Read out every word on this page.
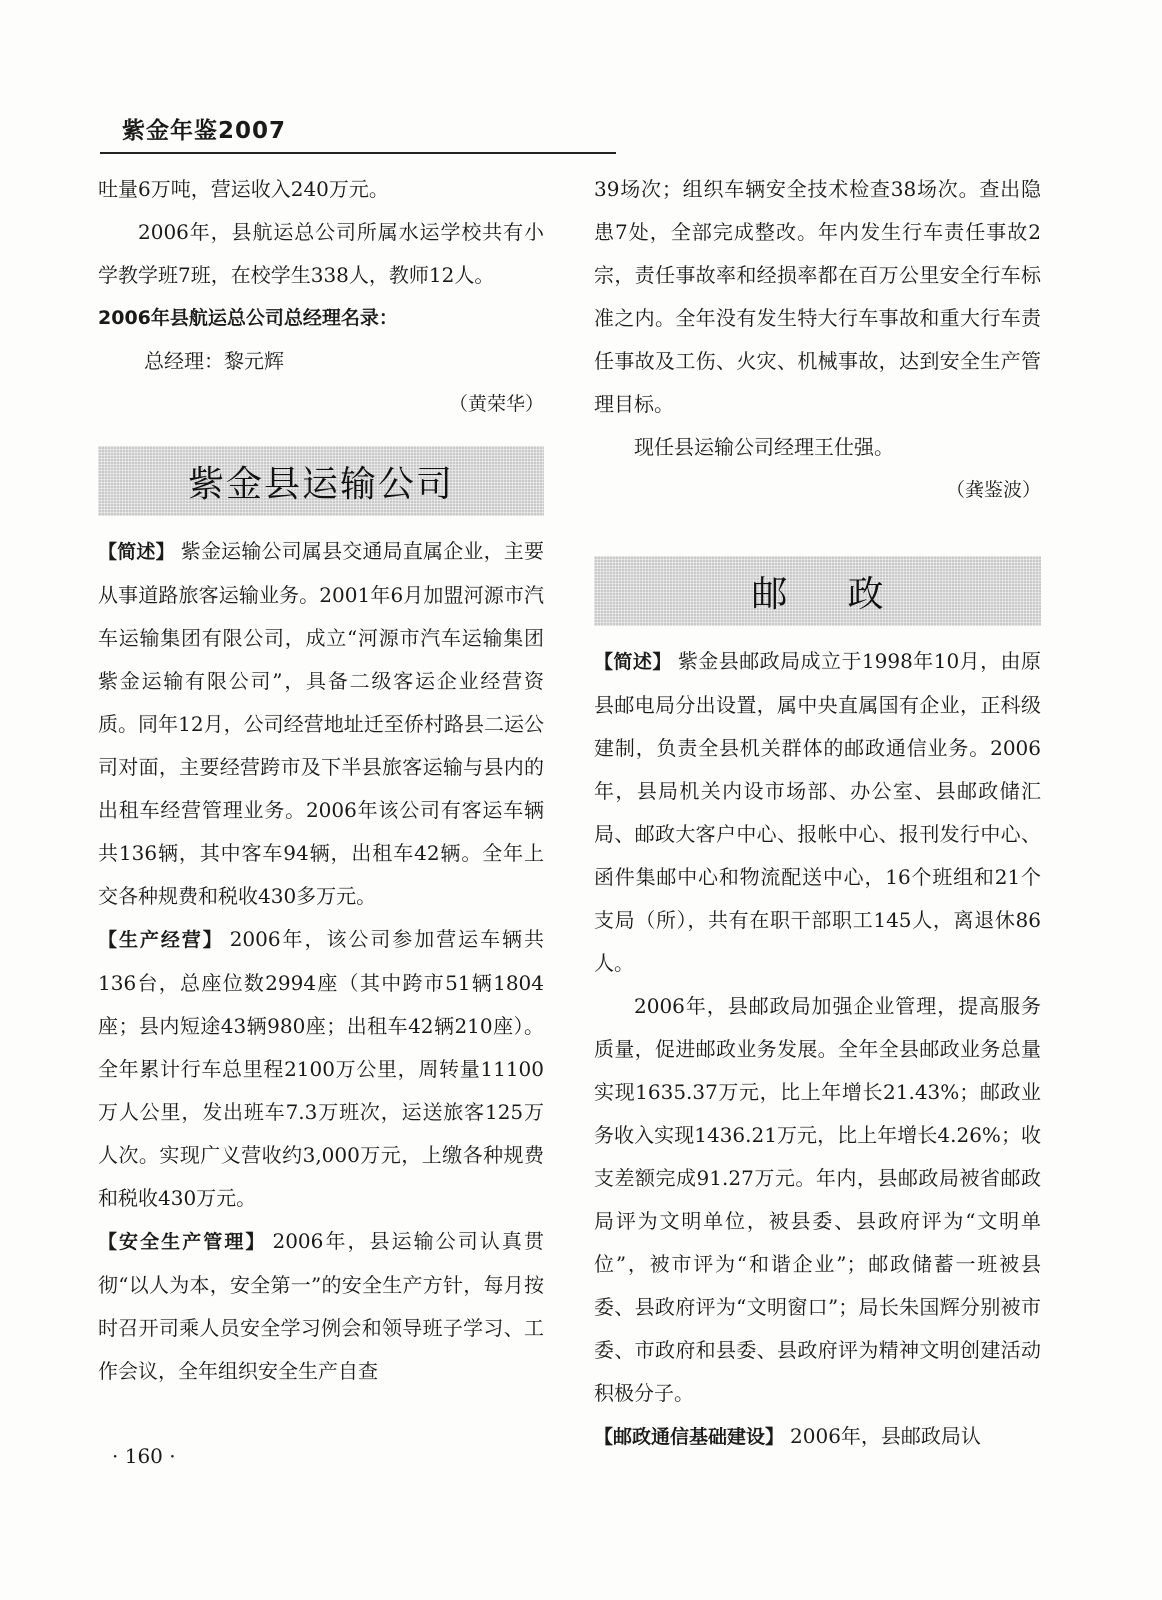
紫金年鉴2007

吐量6万吨，营运收入240万元。

2006年，县航运总公司所属水运学校共有小学教学班7班，在校学生338人，教师12人。

2006年县航运总公司总经理名录：

总经理：黎元辉

（黄荣华）

紫金县运输公司

【简述】 紫金运输公司属县交通局直属企业，主要从事道路旅客运输业务。2001年6月加盟河源市汽车运输集团有限公司，成立“河源市汽车运输集团紫金运输有限公司”，具备二级客运企业经营资质。同年12月，公司经营地址迁至侨村路县二运公司对面，主要经营跨市及下半县旅客运输与县内的出租车经营管理业务。2006年该公司有客运车辆共136辆，其中客车94辆，出租车42辆。全年上交各种规费和税收430多万元。

【生产经营】 2006年，该公司参加营运车辆共136台，总座位数2994座（其中跨市51辆1804座；县内短途43辆980座；出租车42辆210座）。全年累计行车总里程2100万公里，周转量11100万人公里，发出班车7.3万班次，运送旅客125万人次。实现广义营收约3,000万元，上缴各种规费和税收430万元。

【安全生产管理】 2006年，县运输公司认真贯彻“以人为本，安全第一”的安全生产方针，每月按时召开司乘人员安全学习例会和领导班子学习、工作会议，全年组织安全生产自查

39场次；组织车辆安全技术检查38场次。查出隐患7处，全部完成整改。年内发生行车责任事故2宗，责任事故率和经损率都在百万公里安全行车标准之内。全年没有发生特大行车事故和重大行车责任事故及工伤、火灾、机械事故，达到安全生产管理目标。

现任县运输公司经理王仕强。

（龚鉴波）

邮政

【简述】 紫金县邮政局成立于1998年10月，由原县邮电局分出设置，属中央直属国有企业，正科级建制，负责全县机关群体的邮政通信业务。2006年，县局机关内设市场部、办公室、县邮政储汇局、邮政大客户中心、报帐中心、报刊发行中心、函件集邮中心和物流配送中心，16个班组和21个支局（所），共有在职干部职工145人，离退休86人。

2006年，县邮政局加强企业管理，提高服务质量，促进邮政业务发展。全年全县邮政业务总量实现1635.37万元，比上年增长21.43%；邮政业务收入实现1436.21万元，比上年增长4.26%；收支差额完成91.27万元。年内，县邮政局被省邮政局评为文明单位，被县委、县政府评为“文明单位”，被市评为“和谐企业”；邮政储蓄一班被县委、县政府评为“文明窗口”；局长朱国辉分别被市委、市政府和县委、县政府评为精神文明创建活动积极分子。

【邮政通信基础建设】 2006年，县邮政局认

· 160 ·
